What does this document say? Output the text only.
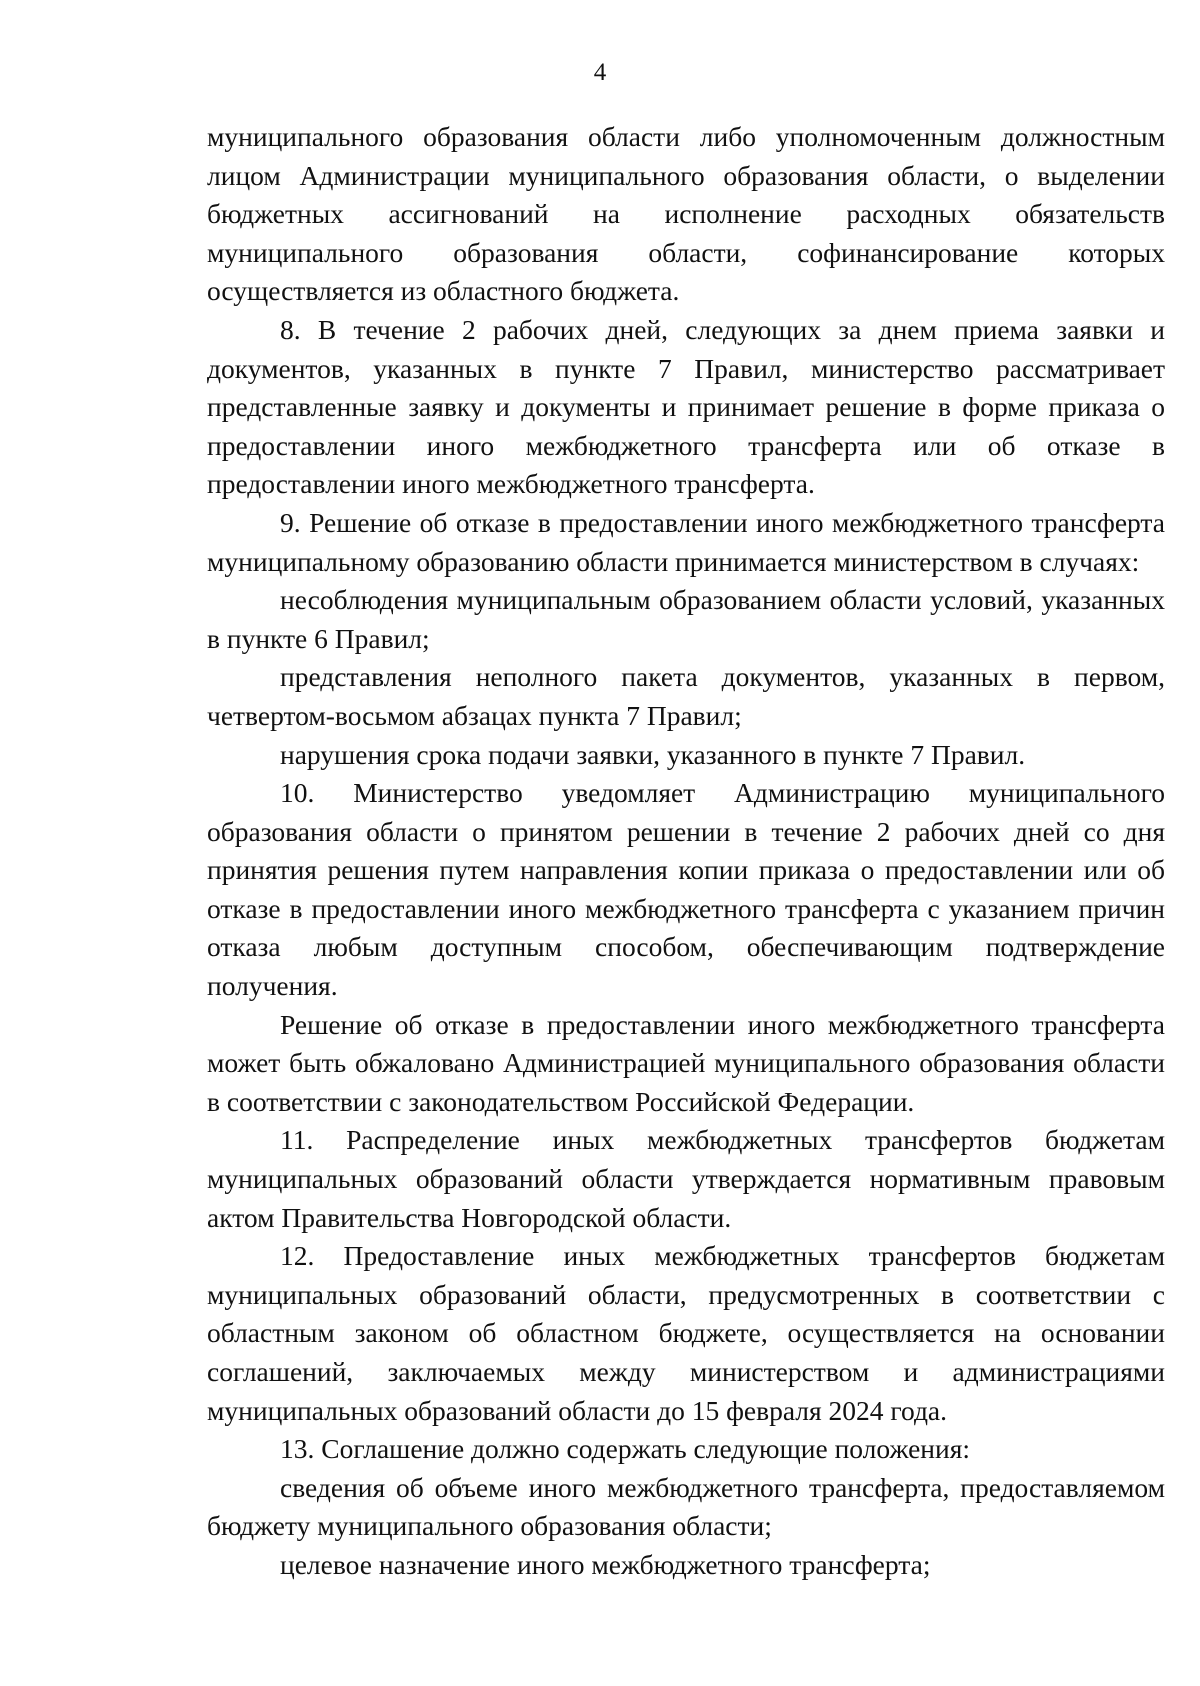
4

муниципального образования области либо уполномоченным должностным лицом Администрации муниципального образования области, о выделении бюджетных ассигнований на исполнение расходных обязательств муниципального образования области, софинансирование которых осуществляется из областного бюджета.

8. В течение 2 рабочих дней, следующих за днем приема заявки и документов, указанных в пункте 7 Правил, министерство рассматривает представленные заявку и документы и принимает решение в форме приказа о предоставлении иного межбюджетного трансферта или об отказе в предоставлении иного межбюджетного трансферта.

9. Решение об отказе в предоставлении иного межбюджетного трансферта муниципальному образованию области принимается министерством в случаях:

несоблюдения муниципальным образованием области условий, указанных в пункте 6 Правил;

представления неполного пакета документов, указанных в первом, четвертом-восьмом абзацах пункта 7 Правил;

нарушения срока подачи заявки, указанного в пункте 7 Правил.

10. Министерство уведомляет Администрацию муниципального образования области о принятом решении в течение 2 рабочих дней со дня принятия решения путем направления копии приказа о предоставлении или об отказе в предоставлении иного межбюджетного трансферта с указанием причин отказа любым доступным способом, обеспечивающим подтверждение получения.

Решение об отказе в предоставлении иного межбюджетного трансферта может быть обжаловано Администрацией муниципального образования области в соответствии с законодательством Российской Федерации.

11. Распределение иных межбюджетных трансфертов бюджетам муниципальных образований области утверждается нормативным правовым актом Правительства Новгородской области.

12. Предоставление иных межбюджетных трансфертов бюджетам муниципальных образований области, предусмотренных в соответствии с областным законом об областном бюджете, осуществляется на основании соглашений, заключаемых между министерством и администрациями муниципальных образований области до 15 февраля 2024 года.

13. Соглашение должно содержать следующие положения:

сведения об объеме иного межбюджетного трансферта, предоставляемом бюджету муниципального образования области;

целевое назначение иного межбюджетного трансферта;
